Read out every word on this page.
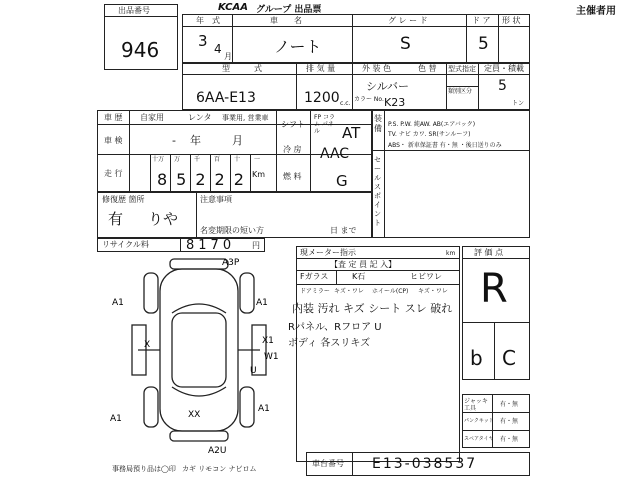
出品番号
946
KCAA グループ 出品票	主催者用
年　式	車　　名	グ レ ー ド	ド ア 形 状
3 4
月
ノート	S	5
型　　　式	排 気 量	外 装 色	色 替 型式指定 定員・積載
類別区分
6AA-E13	1200 c.c.
シルバー
カラー No. K23
5
トン
車 歴 自家用	レンタ 事業用, 営業車
車 検	- 年	月
走 行
十万 万 千 百 十 一
85222 Km
シフト
FP コラム パネル	AT
冷 房 AAC
燃 料 G
装 備 P.S. P.W. 純AW. AB(エアバック)
TV. ナビ カワ. SR(サンルーフ)
ABS・ 新車保証書 有・無 ・後日送りのみ
セールスポイント
修復歴 箇所
有 りや
注意事項
名変期限の短い方	日 まで
リサイクル料	8170 円
現メーター指示	km
【査 定 員 記 入】
Fガラス	K石	ヒビワレ
ドアミラー キズ・ワレ ホイール(CP) キズ・ワレ
内装 汚れ キズ シート スレ 破れ
Rパネル、Rフロア U
ボディ 各スリキズ
評 価 点
R
b C
ジャッキ 工具
有・無
パンクキット 有・無
スペアタイヤ 有・無
A3P
A1	A1
X1
W1
X
U
A1
A1
A2U
XX
事務局預り品は◯印 カギ リモコン ナビロム
車台番号 E13-038537
